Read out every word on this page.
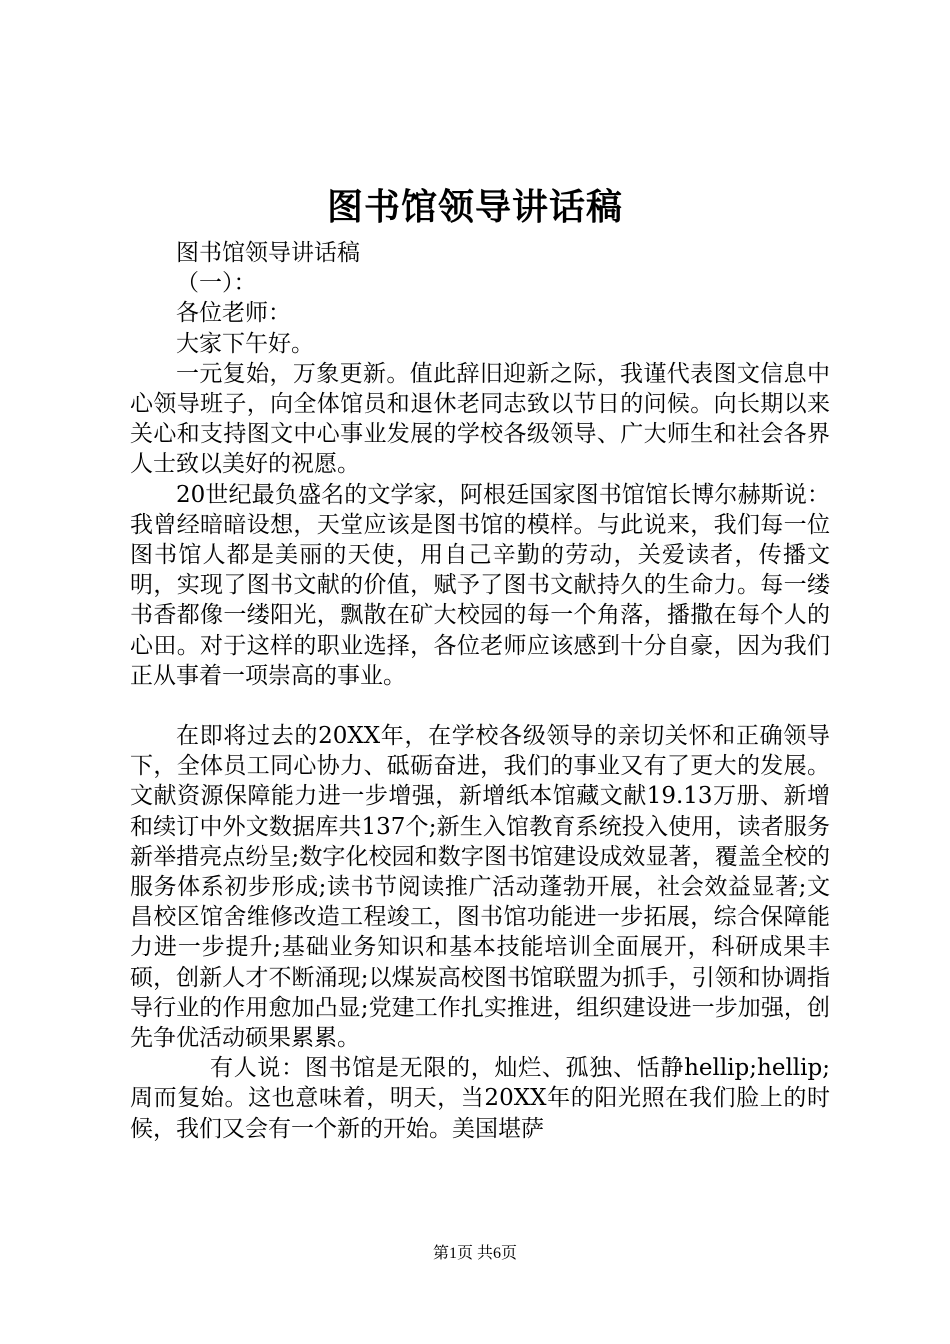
图书馆领导讲话稿

图书馆领导讲话稿

（一）：

各位老师：

大家下午好。

一元复始，万象更新。值此辞旧迎新之际，我谨代表图文信息中心领导班子，向全体馆员和退休老同志致以节日的问候。向长期以来关心和支持图文中心事业发展的学校各级领导、广大师生和社会各界人士致以美好的祝愿。

20世纪最负盛名的文学家，阿根廷国家图书馆馆长博尔赫斯说：我曾经暗暗设想，天堂应该是图书馆的模样。与此说来，我们每一位图书馆人都是美丽的天使，用自己辛勤的劳动，关爱读者，传播文明，实现了图书文献的价值，赋予了图书文献持久的生命力。每一缕书香都像一缕阳光，飘散在矿大校园的每一个角落，播撒在每个人的心田。对于这样的职业选择，各位老师应该感到十分自豪，因为我们正从事着一项崇高的事业。

在即将过去的20XX年，在学校各级领导的亲切关怀和正确领导下，全体员工同心协力、砥砺奋进，我们的事业又有了更大的发展。文献资源保障能力进一步增强，新增纸本馆藏文献19.13万册、新增和续订中外文数据库共137个;新生入馆教育系统投入使用，读者服务新举措亮点纷呈;数字化校园和数字图书馆建设成效显著，覆盖全校的服务体系初步形成;读书节阅读推广活动蓬勃开展，社会效益显著;文昌校区馆舍维修改造工程竣工，图书馆功能进一步拓展，综合保障能力进一步提升;基础业务知识和基本技能培训全面展开，科研成果丰硕，创新人才不断涌现;以煤炭高校图书馆联盟为抓手，引领和协调指导行业的作用愈加凸显;党建工作扎实推进，组织建设进一步加强，创先争优活动硕果累累。

有人说：图书馆是无限的，灿烂、孤独、恬静hellip;hellip;周而复始。这也意味着，明天，当20XX年的阳光照在我们脸上的时候，我们又会有一个新的开始。美国堪萨

第1页 共6页
